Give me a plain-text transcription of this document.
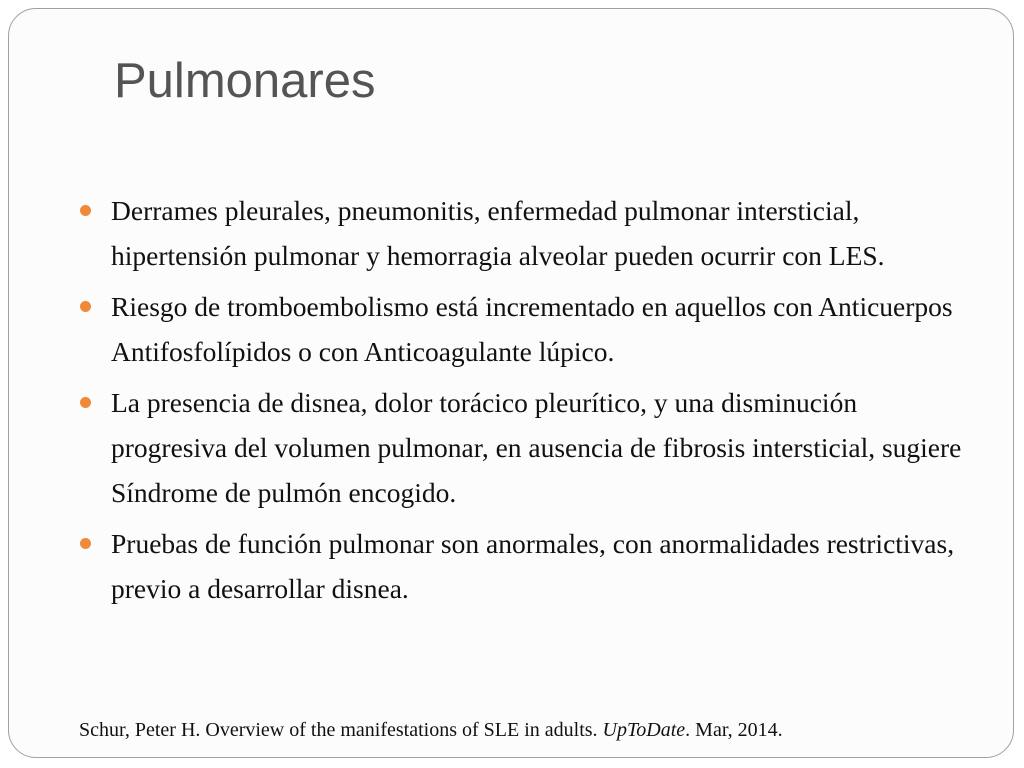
Pulmonares
Derrames pleurales, pneumonitis, enfermedad pulmonar intersticial, hipertensión pulmonar y hemorragia alveolar pueden ocurrir con LES.
Riesgo de tromboembolismo está incrementado en aquellos con Anticuerpos Antifosfolípidos o con Anticoagulante lúpico.
La presencia de disnea, dolor torácico pleurítico, y una disminución progresiva del volumen pulmonar, en ausencia de fibrosis intersticial, sugiere Síndrome de pulmón encogido.
Pruebas de función pulmonar son anormales, con anormalidades restrictivas, previo a desarrollar disnea.
Schur, Peter H. Overview of the manifestations of SLE in adults. UpToDate. Mar, 2014.
